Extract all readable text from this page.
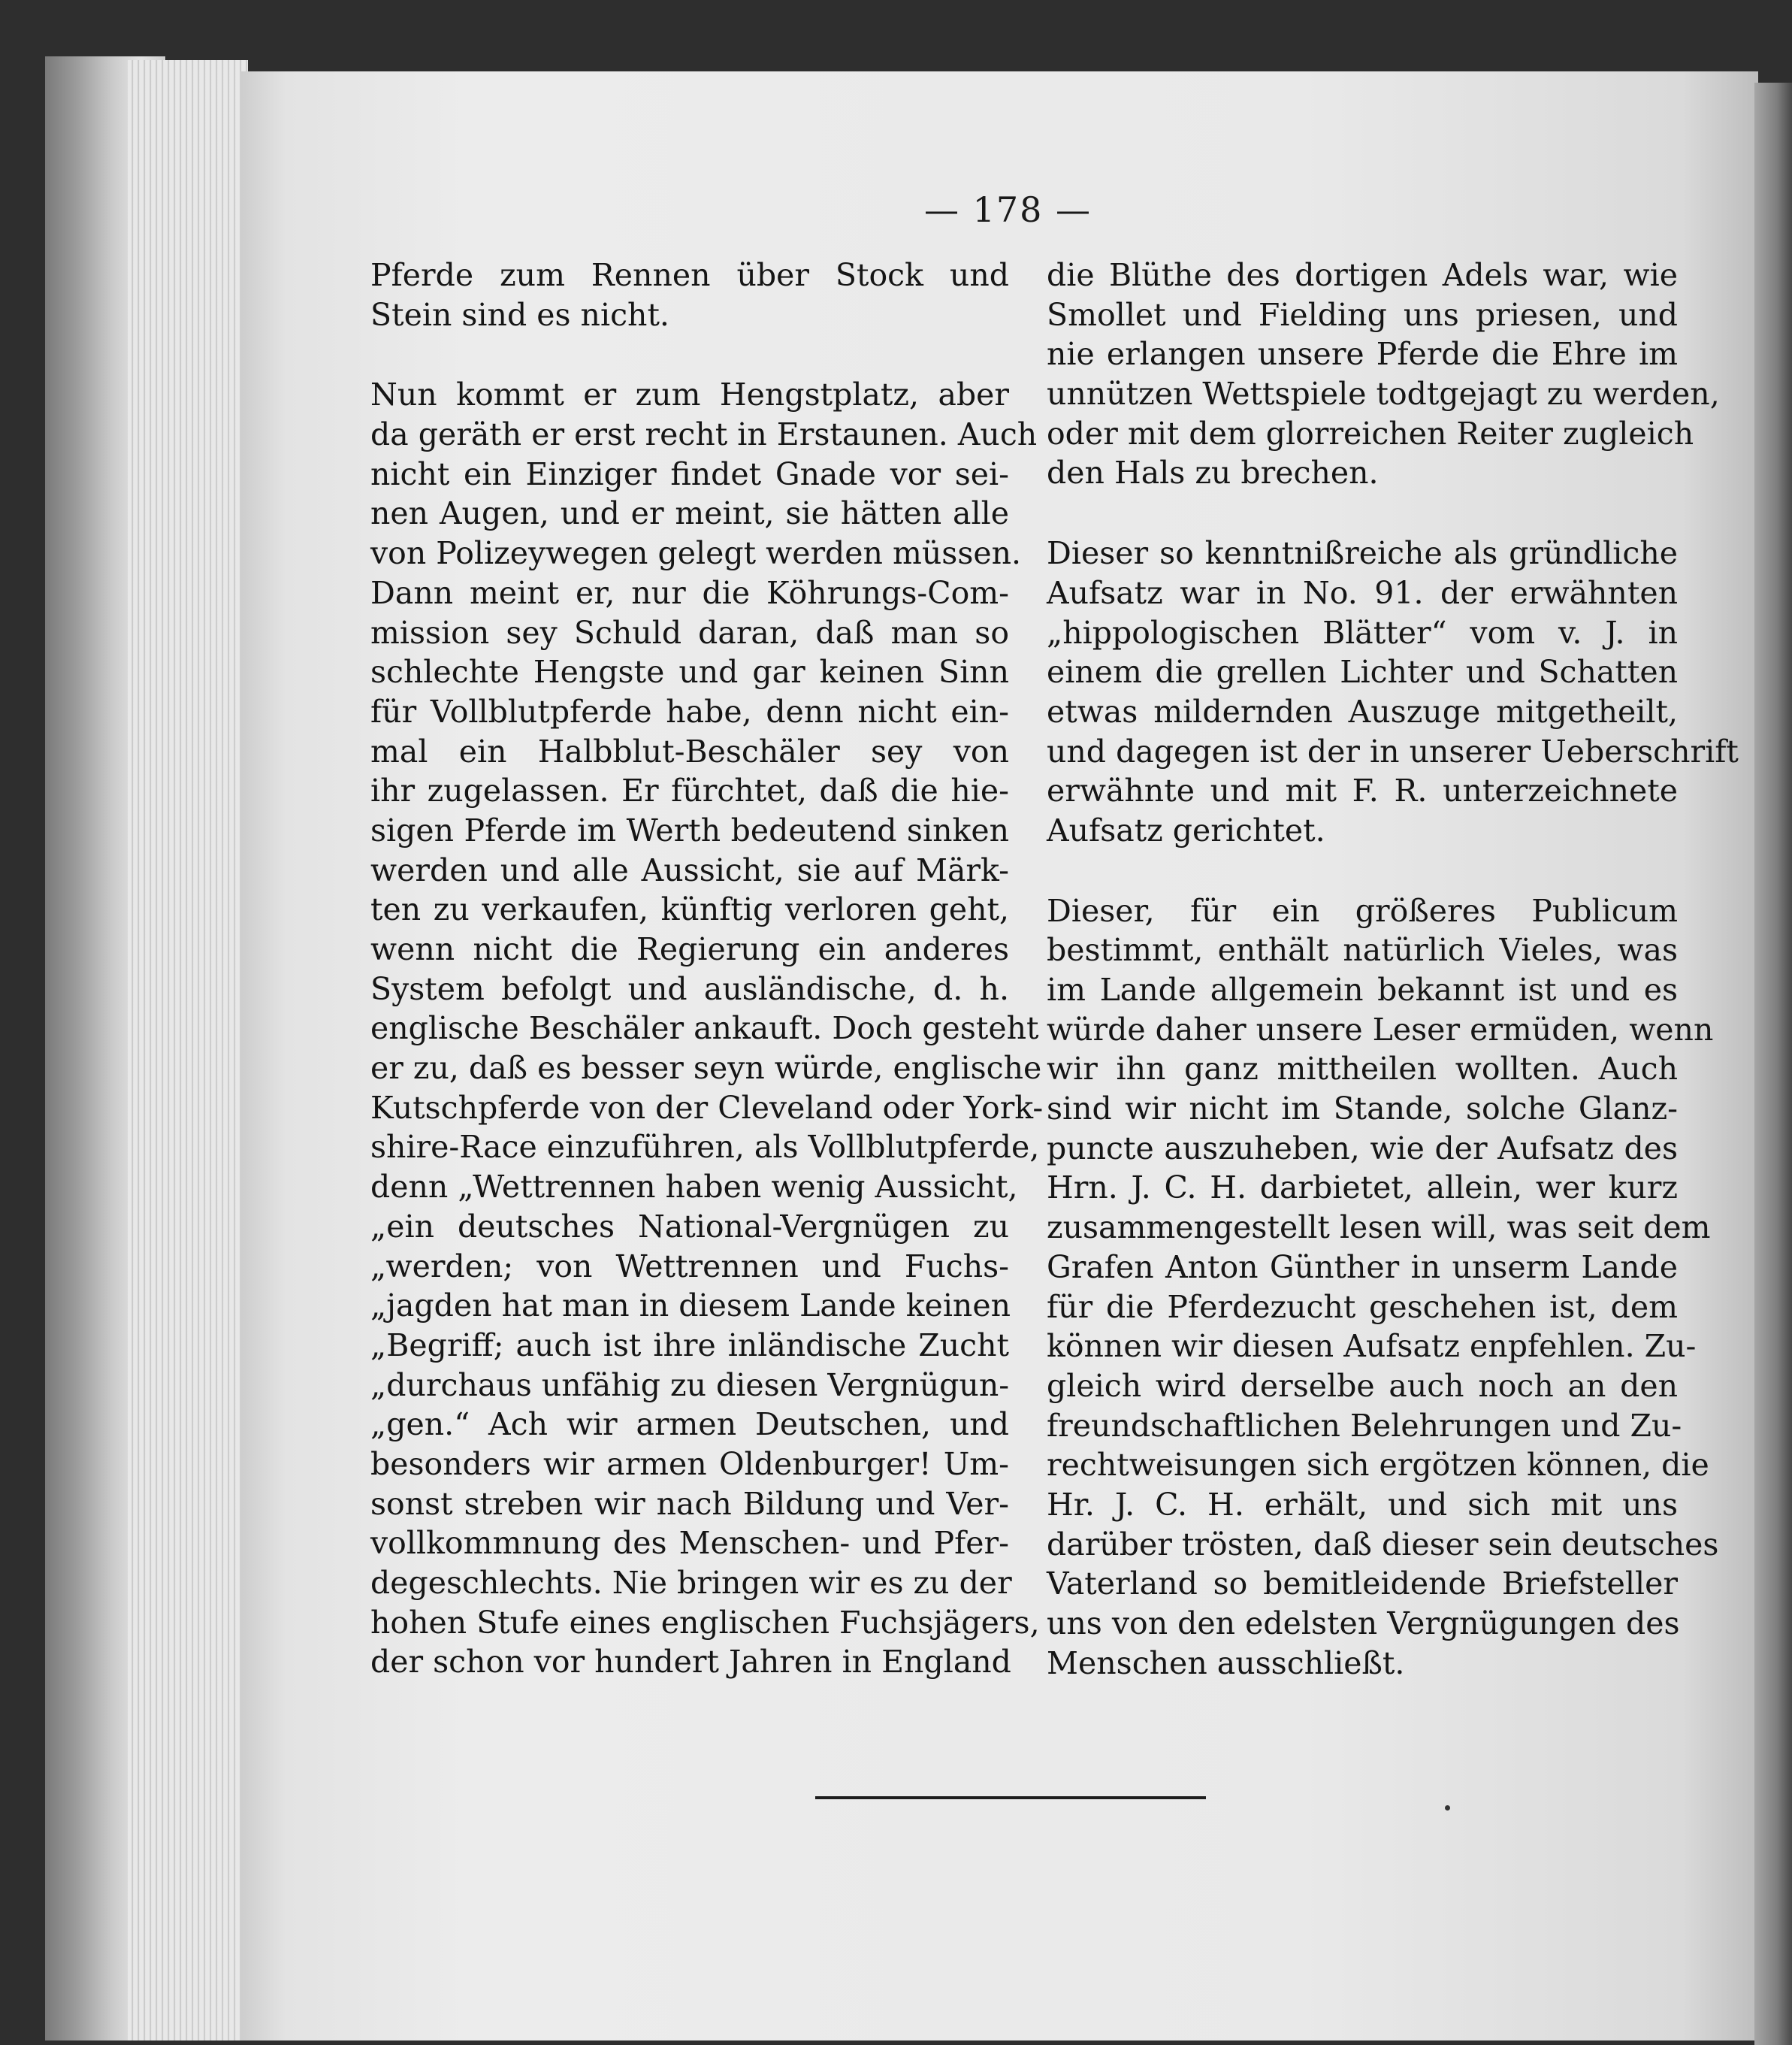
— 178 —
Pferde zum Rennen über Stock und
Stein sind es nicht.
Nun kommt er zum Hengstplatz, aber
da geräth er erst recht in Erstaunen. Auch
nicht ein Einziger findet Gnade vor sei-
nen Augen, und er meint, sie hätten alle
von Polizeywegen gelegt werden müssen.
Dann meint er, nur die Köhrungs-Com-
mission sey Schuld daran, daß man so
schlechte Hengste und gar keinen Sinn
für Vollblutpferde habe, denn nicht ein-
mal ein Halbblut-Beschäler sey von
ihr zugelassen. Er fürchtet, daß die hie-
sigen Pferde im Werth bedeutend sinken
werden und alle Aussicht, sie auf Märk-
ten zu verkaufen, künftig verloren geht,
wenn nicht die Regierung ein anderes
System befolgt und ausländische, d. h.
englische Beschäler ankauft. Doch gesteht
er zu, daß es besser seyn würde, englische
Kutschpferde von der Cleveland oder York-
shire-Race einzuführen, als Vollblutpferde,
denn „Wettrennen haben wenig Aussicht,
„ein deutsches National-Vergnügen zu
„werden; von Wettrennen und Fuchs-
„jagden hat man in diesem Lande keinen
„Begriff; auch ist ihre inländische Zucht
„durchaus unfähig zu diesen Vergnügun-
„gen.“ Ach wir armen Deutschen, und
besonders wir armen Oldenburger! Um-
sonst streben wir nach Bildung und Ver-
vollkommnung des Menschen- und Pfer-
degeschlechts. Nie bringen wir es zu der
hohen Stufe eines englischen Fuchsjägers,
der schon vor hundert Jahren in England
die Blüthe des dortigen Adels war, wie
Smollet und Fielding uns priesen, und
nie erlangen unsere Pferde die Ehre im
unnützen Wettspiele todtgejagt zu werden,
oder mit dem glorreichen Reiter zugleich
den Hals zu brechen.
Dieser so kenntnißreiche als gründliche
Aufsatz war in No. 91. der erwähnten
„hippologischen Blätter“ vom v. J. in
einem die grellen Lichter und Schatten
etwas mildernden Auszuge mitgetheilt,
und dagegen ist der in unserer Ueberschrift
erwähnte und mit F. R. unterzeichnete
Aufsatz gerichtet.
Dieser, für ein größeres Publicum
bestimmt, enthält natürlich Vieles, was
im Lande allgemein bekannt ist und es
würde daher unsere Leser ermüden, wenn
wir ihn ganz mittheilen wollten. Auch
sind wir nicht im Stande, solche Glanz-
puncte auszuheben, wie der Aufsatz des
Hrn. J. C. H. darbietet, allein, wer kurz
zusammengestellt lesen will, was seit dem
Grafen Anton Günther in unserm Lande
für die Pferdezucht geschehen ist, dem
können wir diesen Aufsatz enpfehlen. Zu-
gleich wird derselbe auch noch an den
freundschaftlichen Belehrungen und Zu-
rechtweisungen sich ergötzen können, die
Hr. J. C. H. erhält, und sich mit uns
darüber trösten, daß dieser sein deutsches
Vaterland so bemitleidende Briefsteller
uns von den edelsten Vergnügungen des
Menschen ausschließt.
